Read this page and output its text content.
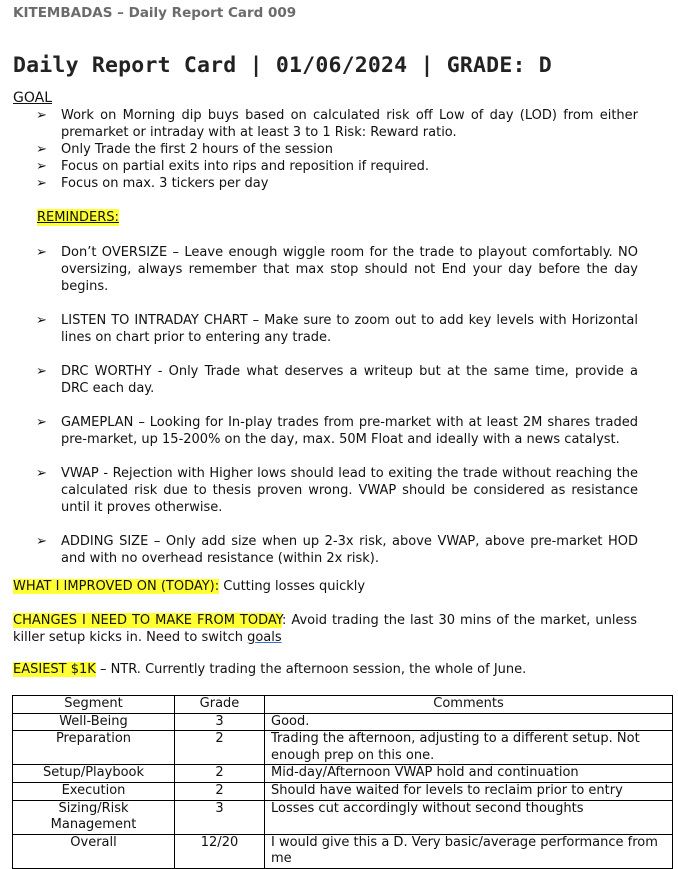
KITEMBADAS – Daily Report Card 009
Daily Report Card | 01/06/2024 | GRADE: D
GOAL
➢ Work on Morning dip buys based on calculated risk off Low of day (LOD) from either premarket or intraday with at least 3 to 1 Risk: Reward ratio.
➢ Only Trade the first 2 hours of the session
➢ Focus on partial exits into rips and reposition if required.
➢ Focus on max. 3 tickers per day
REMINDERS:
➢ Don’t OVERSIZE – Leave enough wiggle room for the trade to playout comfortably. NO oversizing, always remember that max stop should not End your day before the day begins.
➢ LISTEN TO INTRADAY CHART – Make sure to zoom out to add key levels with Horizontal lines on chart prior to entering any trade.
➢ DRC WORTHY - Only Trade what deserves a writeup but at the same time, provide a DRC each day.
➢ GAMEPLAN – Looking for In-play trades from pre-market with at least 2M shares traded pre-market, up 15-200% on the day, max. 50M Float and ideally with a news catalyst.
➢ VWAP - Rejection with Higher lows should lead to exiting the trade without reaching the calculated risk due to thesis proven wrong. VWAP should be considered as resistance until it proves otherwise.
➢ ADDING SIZE – Only add size when up 2-3x risk, above VWAP, above pre-market HOD and with no overhead resistance (within 2x risk).
WHAT I IMPROVED ON (TODAY): Cutting losses quickly
CHANGES I NEED TO MAKE FROM TODAY: Avoid trading the last 30 mins of the market, unless killer setup kicks in. Need to switch goals
EASIEST $1K – NTR. Currently trading the afternoon session, the whole of June.
Segment	Grade	Comments
Well-Being	3	Good.
Preparation	2	Trading the afternoon, adjusting to a different setup. Not enough prep on this one.
Setup/Playbook	2	Mid-day/Afternoon VWAP hold and continuation
Execution	2	Should have waited for levels to reclaim prior to entry
Sizing/Risk Management	3	Losses cut accordingly without second thoughts
Overall	12/20	I would give this a D. Very basic/average performance from me
